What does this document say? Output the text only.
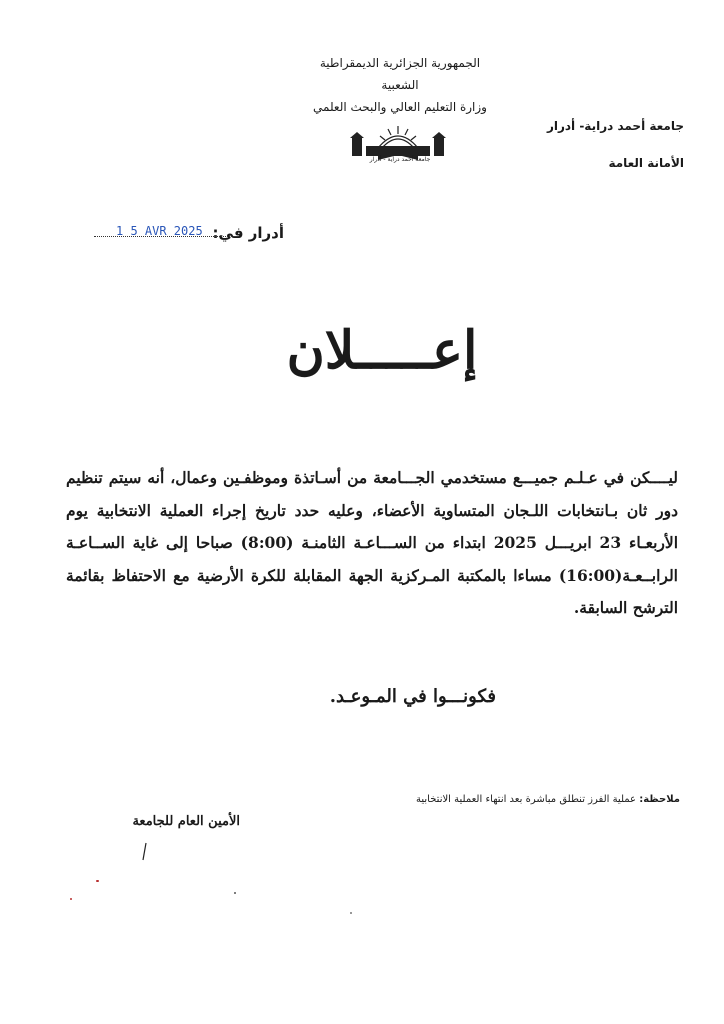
الجمهورية الجزائرية الديمقراطية الشعبية
وزارة التعليم العالي والبحث العلمي
جامعة أحمد دراية - أدرار
جامعة أحمد دراية- أدرار
الأمانة العامة
أدرار في:
1 5 AVR 2025
إعـــــلان
ليــــكن في عـلـم جميـــع مستخدمي الجـــامعة من أسـاتذة وموظفـين وعمال، أنه سيتم تنظيم دور ثان بـانتخابات اللـجان المتساوية الأعضاء، وعليه حدد تاريخ إجراء العملية الانتخابية يوم الأربعـاء 23 ابريـــل 2025 ابتداء من الســـاعـة الثامنـة (8:00) صباحا إلى غاية الســاعـة الرابــعـة(16:00) مساءا بالمكتبة المـركزية الجهة المقابلة للكرة الأرضية مع الاحتفاظ بقائمة الترشح السابقة.
فكونـــوا في المـوعـد.
ملاحظة: عملية الفرز تنطلق مباشرة بعد انتهاء العملية الانتخابية
الأمين العام للجامعة
